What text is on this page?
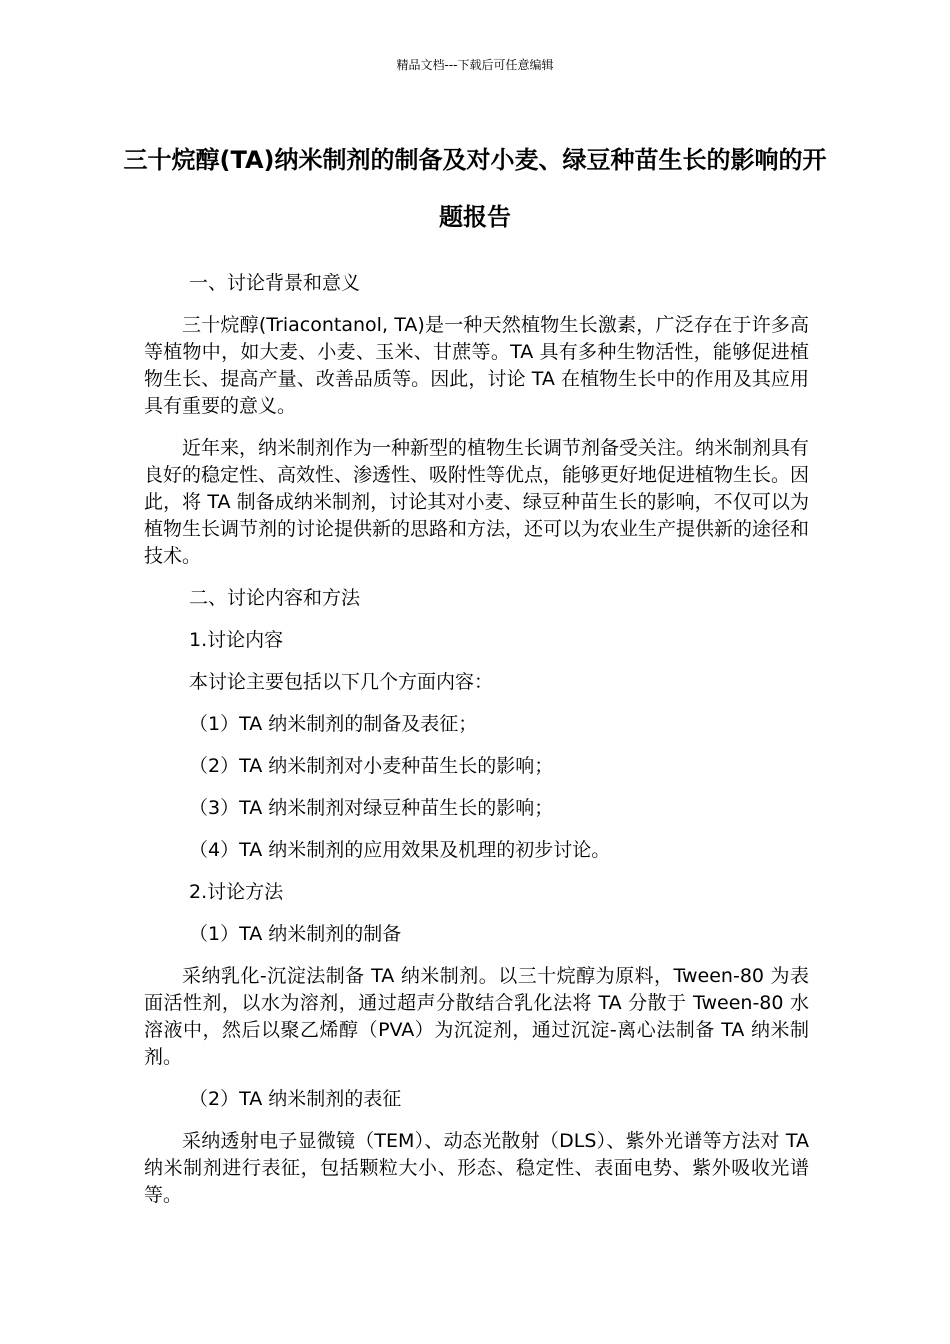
精品文档---下载后可任意编辑
三十烷醇(TA)纳米制剂的制备及对小麦、绿豆种苗生长的影响的开题报告
一、讨论背景和意义

三十烷醇(Triacontanol, TA)是一种天然植物生长激素，广泛存在于许多高等植物中，如大麦、小麦、玉米、甘蔗等。TA 具有多种生物活性，能够促进植物生长、提高产量、改善品质等。因此，讨论 TA 在植物生长中的作用及其应用具有重要的意义。

近年来，纳米制剂作为一种新型的植物生长调节剂备受关注。纳米制剂具有良好的稳定性、高效性、渗透性、吸附性等优点，能够更好地促进植物生长。因此，将 TA 制备成纳米制剂，讨论其对小麦、绿豆种苗生长的影响，不仅可以为植物生长调节剂的讨论提供新的思路和方法，还可以为农业生产提供新的途径和技术。

二、讨论内容和方法
1.讨论内容
本讨论主要包括以下几个方面内容：
（1）TA 纳米制剂的制备及表征；
（2）TA 纳米制剂对小麦种苗生长的影响；
（3）TA 纳米制剂对绿豆种苗生长的影响；
（4）TA 纳米制剂的应用效果及机理的初步讨论。
2.讨论方法
（1）TA 纳米制剂的制备

采纳乳化-沉淀法制备 TA 纳米制剂。以三十烷醇为原料，Tween-80 为表面活性剂，以水为溶剂，通过超声分散结合乳化法将 TA 分散于 Tween-80 水溶液中，然后以聚乙烯醇（PVA）为沉淀剂，通过沉淀-离心法制备 TA 纳米制剂。

（2）TA 纳米制剂的表征

采纳透射电子显微镜（TEM）、动态光散射（DLS）、紫外光谱等方法对 TA 纳米制剂进行表征，包括颗粒大小、形态、稳定性、表面电势、紫外吸收光谱等。
